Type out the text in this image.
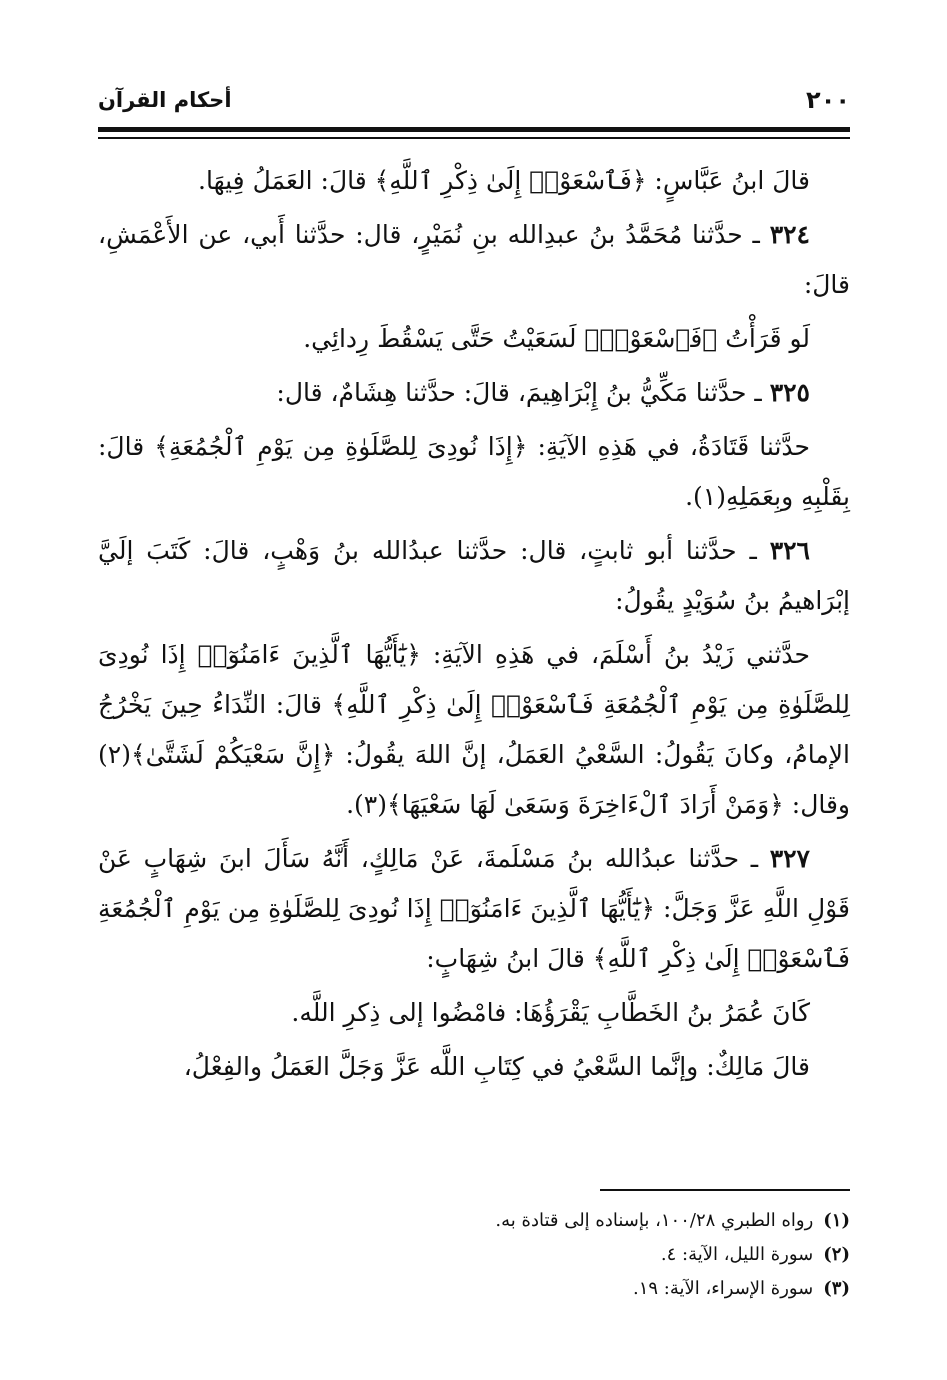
٢٠٠
أحكام القرآن

قالَ ابنُ عَبَّاسٍ: ﴿فَٱسْعَوْا۟ إِلَىٰ ذِكْرِ ٱللَّهِ﴾ قالَ: العَمَلُ فِيهَا.

٣٢٤ ـ حدَّثنا مُحَمَّدُ بنُ عبدِالله بنِ نُمَيْرٍ، قال: حدَّثنا أَبي، عن الأَعْمَشِ، قالَ:

لَو قَرَأْتُ ﴿فَٱسْعَوْا۟﴾ لَسَعَيْتُ حَتَّى يَسْقُطَ رِدائِي.

٣٢٥ ـ حدَّثنا مَكِّيُّ بنُ إِبْرَاهِيمَ، قالَ: حدَّثنا هِشَامٌ، قال:

حدَّثنا قَتَادَةُ، في هَذِهِ الآيَةِ: ﴿إِذَا نُودِىَ لِلصَّلَوٰةِ مِن يَوْمِ ٱلْجُمُعَةِ﴾ قالَ: بِقَلْبِهِ وبِعَمَلِهِ(١).

٣٢٦ ـ حدَّثنا أبو ثابتٍ، قال: حدَّثنا عبدُالله بنُ وَهْبٍ، قالَ: كَتَبَ إلَيَّ إبْرَاهيمُ بنُ سُوَيْدٍ يقُولُ:

حدَّثني زَيْدُ بنُ أَسْلَمَ، في هَذِهِ الآيَةِ: ﴿يَٰٓأَيُّهَا ٱلَّذِينَ ءَامَنُوٓا۟ إِذَا نُودِىَ لِلصَّلَوٰةِ مِن يَوْمِ ٱلْجُمُعَةِ فَٱسْعَوْا۟ إِلَىٰ ذِكْرِ ٱللَّهِ﴾ قالَ: النِّدَاءُ حِينَ يَخْرُجُ الإمامُ، وكانَ يَقُولُ: السَّعْيُ العَمَلُ، إنَّ اللهَ يقُولُ: ﴿إِنَّ سَعْيَكُمْ لَشَتَّىٰ﴾(٢) وقال: ﴿وَمَنْ أَرَادَ ٱلْءَاخِرَةَ وَسَعَىٰ لَهَا سَعْيَهَا﴾(٣).

٣٢٧ ـ حدَّثنا عبدُالله بنُ مَسْلَمةَ، عَنْ مَالِكٍ، أَنَّهُ سَأَلَ ابنَ شِهَابٍ عَنْ قَوْلِ اللَّهِ عَزَّ وَجَلَّ: ﴿يَٰٓأَيُّهَا ٱلَّذِينَ ءَامَنُوٓا۟ إِذَا نُودِىَ لِلصَّلَوٰةِ مِن يَوْمِ ٱلْجُمُعَةِ فَٱسْعَوْا۟ إِلَىٰ ذِكْرِ ٱللَّهِ﴾ قالَ ابنُ شِهَابٍ:

كَانَ عُمَرُ بنُ الخَطَّابِ يَقْرَؤُهَا: فامْضُوا إلى ذِكرِ اللَّه.

قالَ مَالِكٌ: وإنَّما السَّعْيُ في كِتَابِ اللَّه عَزَّ وَجَلَّ العَمَلُ والفِعْلُ،

(١)رواه الطبري ١٠٠/٢٨، بإسناده إلى قتادة به.

(٢)سورة الليل، الآية: ٤.

(٣)سورة الإسراء، الآية: ١٩.
